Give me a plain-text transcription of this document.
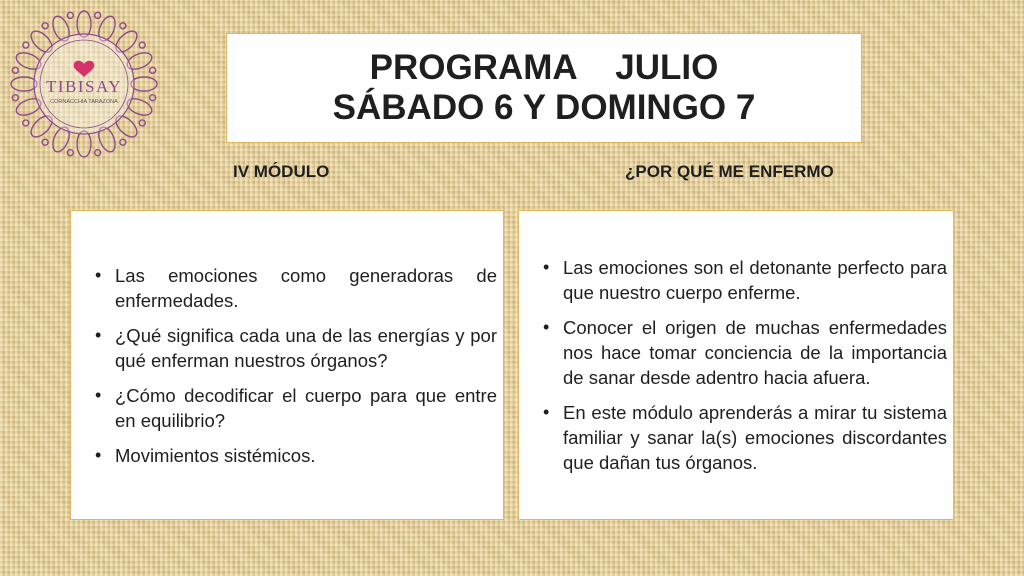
TIBISAY
CORNACCHIA TARAZONA
PROGRAMA    JULIO
SÁBADO 6 Y DOMINGO 7
IV MÓDULO	¿POR QUÉ ME ENFERMO
• Las emociones como generadoras de enfermedades.
• ¿Qué significa cada una de las energías y por qué enferman nuestros órganos?
• ¿Cómo decodificar el cuerpo para que entre en equilibrio?
• Movimientos sistémicos.
• Las emociones son el detonante perfecto para que nuestro cuerpo enferme.
• Conocer el origen de muchas enfermedades nos hace tomar conciencia de la importancia de sanar desde adentro hacia afuera.
• En este módulo aprenderás a mirar tu sistema familiar y sanar la(s) emociones discordantes que dañan tus órganos.
